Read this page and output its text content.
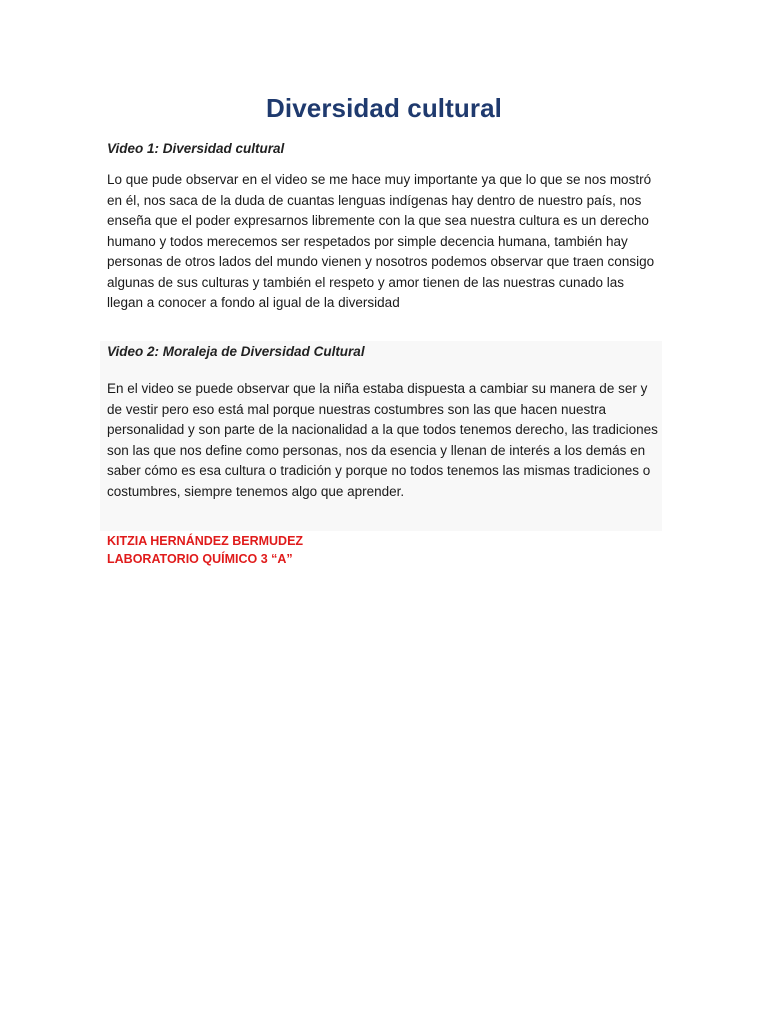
Diversidad cultural

Video 1: Diversidad cultural

Lo que pude observar en el video se me hace muy importante ya que lo que se nos mostró en él, nos saca de la duda de cuantas lenguas indígenas hay dentro de nuestro país, nos enseña que el poder expresarnos libremente con la que sea nuestra cultura es un derecho humano y todos merecemos ser respetados por simple decencia humana, también hay personas de otros lados del mundo vienen y nosotros podemos observar que traen consigo algunas de sus culturas y también el respeto y amor tienen de las nuestras cunado las llegan a conocer a fondo al igual de la diversidad

Video 2: Moraleja de Diversidad Cultural

En el video se puede observar que la niña estaba dispuesta a cambiar su manera de ser y de vestir pero eso está mal porque nuestras costumbres son las que hacen nuestra personalidad y son parte de la nacionalidad a la que todos tenemos derecho, las tradiciones son las que nos define como personas, nos da esencia y llenan de interés a los demás en saber cómo es esa cultura o tradición y porque no todos tenemos las mismas tradiciones o costumbres, siempre tenemos algo que aprender.

KITZIA HERNÁNDEZ BERMUDEZ
LABORATORIO QUÍMICO 3 “A”
